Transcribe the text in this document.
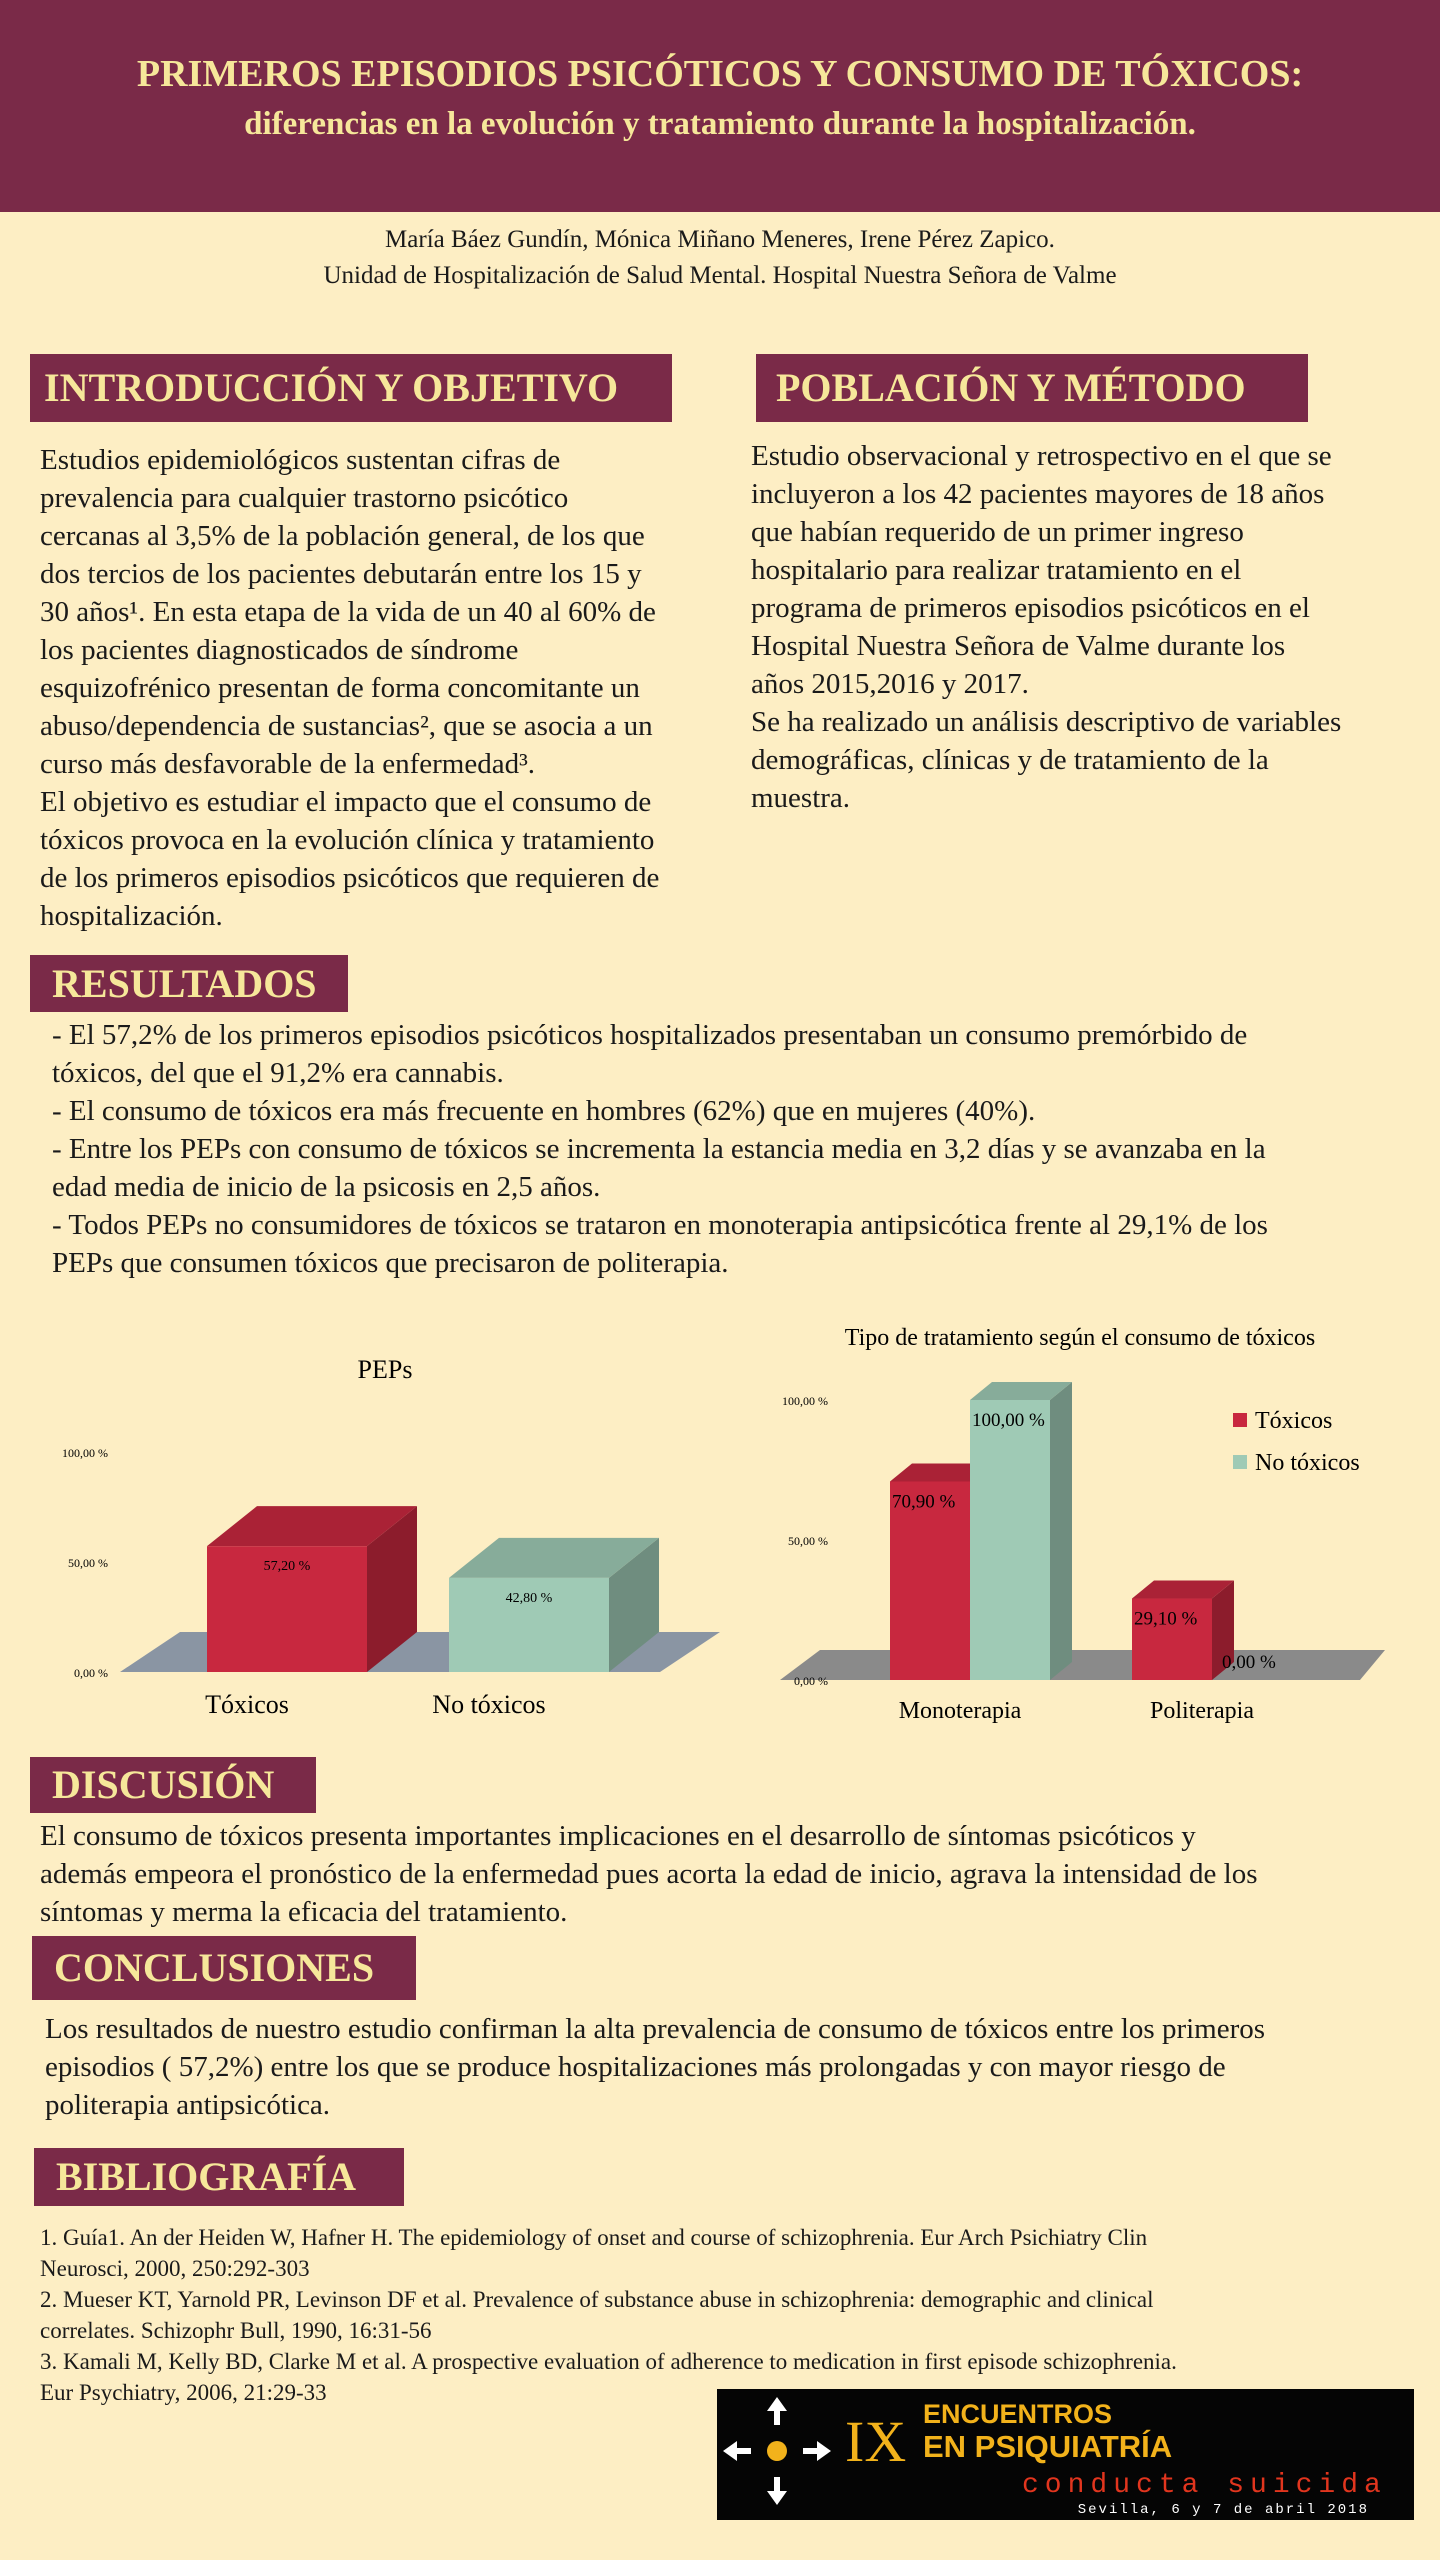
PRIMEROS EPISODIOS PSICÓTICOS Y CONSUMO DE TÓXICOS:
diferencias en la evolución y tratamiento durante la hospitalización.
María Báez Gundín, Mónica Miñano Meneres, Irene Pérez Zapico.
Unidad de Hospitalización de Salud Mental. Hospital Nuestra Señora de Valme
INTRODUCCIÓN Y OBJETIVO	POBLACIÓN Y MÉTODO
Estudios epidemiológicos sustentan cifras de
prevalencia para cualquier trastorno psicótico
cercanas al 3,5% de la población general, de los que
dos tercios de los pacientes debutarán entre los 15 y
30 años¹. En esta etapa de la vida de un 40 al 60% de
los pacientes diagnosticados de síndrome
esquizofrénico presentan de forma concomitante un
abuso/dependencia de sustancias², que se asocia a un
curso más desfavorable de la enfermedad³.
El objetivo es estudiar el impacto que el consumo de
tóxicos provoca en la evolución clínica y tratamiento
de los primeros episodios psicóticos que requieren de
hospitalización.
Estudio observacional y retrospectivo en el que se
incluyeron a los 42 pacientes mayores de 18 años
que habían requerido de un primer ingreso
hospitalario para realizar tratamiento en el
programa de primeros episodios psicóticos en el
Hospital Nuestra Señora de Valme durante los
años 2015,2016 y 2017.
Se ha realizado un análisis descriptivo de variables
demográficas, clínicas y de tratamiento de la
muestra.
RESULTADOS
- El 57,2% de los primeros episodios psicóticos hospitalizados presentaban un consumo premórbido de
tóxicos, del que el 91,2% era cannabis.
- El consumo de tóxicos era más frecuente en hombres (62%) que en mujeres (40%).
- Entre los PEPs con consumo de tóxicos se incrementa la estancia media en 3,2 días y se avanzaba en la
edad media de inicio de la psicosis en 2,5 años.
- Todos PEPs no consumidores de tóxicos se trataron en monoterapia antipsicótica frente al 29,1% de los
PEPs que consumen tóxicos que precisaron de politerapia.
PEPs
0,00 %
50,00 %
100,00 %
57,20 %
42,80 %
Tóxicos	No tóxicos
Tipo de tratamiento según el consumo de tóxicos
0,00 %
50,00 %
100,00 %
70,90 %
100,00 %
29,10 %
0,00 %
Monoterapia	Politerapia
Tóxicos
No tóxicos
DISCUSIÓN
El consumo de tóxicos presenta importantes implicaciones en el desarrollo de síntomas psicóticos y
además empeora el pronóstico de la enfermedad pues acorta la edad de inicio, agrava la intensidad de los
síntomas y merma la eficacia del tratamiento.
CONCLUSIONES
Los resultados de nuestro estudio confirman la alta prevalencia de consumo de tóxicos entre los primeros
episodios ( 57,2%) entre los que se produce hospitalizaciones más prolongadas y con mayor riesgo de
politerapia antipsicótica.
BIBLIOGRAFÍA
1. Guía1. An der Heiden W, Hafner H. The epidemiology of onset and course of schizophrenia. Eur Arch Psichiatry Clin
Neurosci, 2000, 250:292-303
2. Mueser KT, Yarnold PR, Levinson DF et al. Prevalence of substance abuse in schizophrenia: demographic and clinical
correlates. Schizophr Bull, 1990, 16:31-56
3. Kamali M, Kelly BD, Clarke M et al. A prospective evaluation of adherence to medication in first episode schizophrenia.
Eur Psychiatry, 2006, 21:29-33
IX ENCUENTROS
EN PSIQUIATRÍA
conducta suicida
Sevilla, 6 y 7 de abril 2018
